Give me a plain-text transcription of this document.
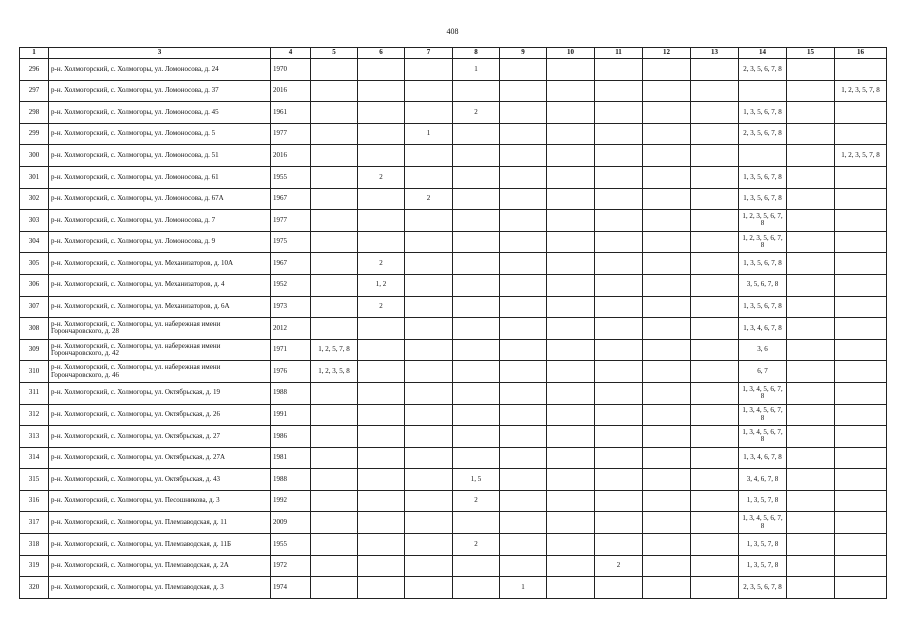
408
1	3	4	5	6	7	8	9	10	11	12	13	14	15	16
296	р-н. Холмогорский, с. Холмогоры, ул. Ломоносова, д. 24	1970				1						2, 3, 5, 6, 7, 8		
297	р-н. Холмогорский, с. Холмогоры, ул. Ломоносова, д. 37	2016												1, 2, 3, 5, 7, 8
298	р-н. Холмогорский, с. Холмогоры, ул. Ломоносова, д. 45	1961				2						1, 3, 5, 6, 7, 8		
299	р-н. Холмогорский, с. Холмогоры, ул. Ломоносова, д. 5	1977			1							2, 3, 5, 6, 7, 8		
300	р-н. Холмогорский, с. Холмогоры, ул. Ломоносова, д. 51	2016												1, 2, 3, 5, 7, 8
301	р-н. Холмогорский, с. Холмогоры, ул. Ломоносова, д. 61	1955		2								1, 3, 5, 6, 7, 8		
302	р-н. Холмогорский, с. Холмогоры, ул. Ломоносова, д. 67А	1967			2							1, 3, 5, 6, 7, 8		
303	р-н. Холмогорский, с. Холмогоры, ул. Ломоносова, д. 7	1977										1, 2, 3, 5, 6, 7, 8		
304	р-н. Холмогорский, с. Холмогоры, ул. Ломоносова, д. 9	1975										1, 2, 3, 5, 6, 7, 8		
305	р-н. Холмогорский, с. Холмогоры, ул. Механизаторов, д. 10А	1967		2								1, 3, 5, 6, 7, 8		
306	р-н. Холмогорский, с. Холмогоры, ул. Механизаторов, д. 4	1952		1, 2								3, 5, 6, 7, 8		
307	р-н. Холмогорский, с. Холмогоры, ул. Механизаторов, д. 6А	1973		2								1, 3, 5, 6, 7, 8		
308	р-н. Холмогорский, с. Холмогоры, ул. набережная имени Горончаровского, д. 28	2012										1, 3, 4, 6, 7, 8		
309	р-н. Холмогорский, с. Холмогоры, ул. набережная имени Горончаровского, д. 42	1971	1, 2, 5, 7, 8									3, 6		
310	р-н. Холмогорский, с. Холмогоры, ул. набережная имени Горончаровского, д. 46	1976	1, 2, 3, 5, 8									6, 7		
311	р-н. Холмогорский, с. Холмогоры, ул. Октябрьская, д. 19	1988										1, 3, 4, 5, 6, 7, 8		
312	р-н. Холмогорский, с. Холмогоры, ул. Октябрьская, д. 26	1991										1, 3, 4, 5, 6, 7, 8		
313	р-н. Холмогорский, с. Холмогоры, ул. Октябрьская, д. 27	1986										1, 3, 4, 5, 6, 7, 8		
314	р-н. Холмогорский, с. Холмогоры, ул. Октябрьская, д. 27А	1981										1, 3, 4, 6, 7, 8		
315	р-н. Холмогорский, с. Холмогоры, ул. Октябрьская, д. 43	1988				1, 5						3, 4, 6, 7, 8		
316	р-н. Холмогорский, с. Холмогоры, ул. Песошникова, д. 3	1992				2						1, 3, 5, 7, 8		
317	р-н. Холмогорский, с. Холмогоры, ул. Племзаводская, д. 11	2009										1, 3, 4, 5, 6, 7, 8		
318	р-н. Холмогорский, с. Холмогоры, ул. Племзаводская, д. 11Б	1955				2						1, 3, 5, 7, 8		
319	р-н. Холмогорский, с. Холмогоры, ул. Племзаводская, д. 2А	1972							2			1, 3, 5, 7, 8		
320	р-н. Холмогорский, с. Холмогоры, ул. Племзаводская, д. 3	1974					1					2, 3, 5, 6, 7, 8		
